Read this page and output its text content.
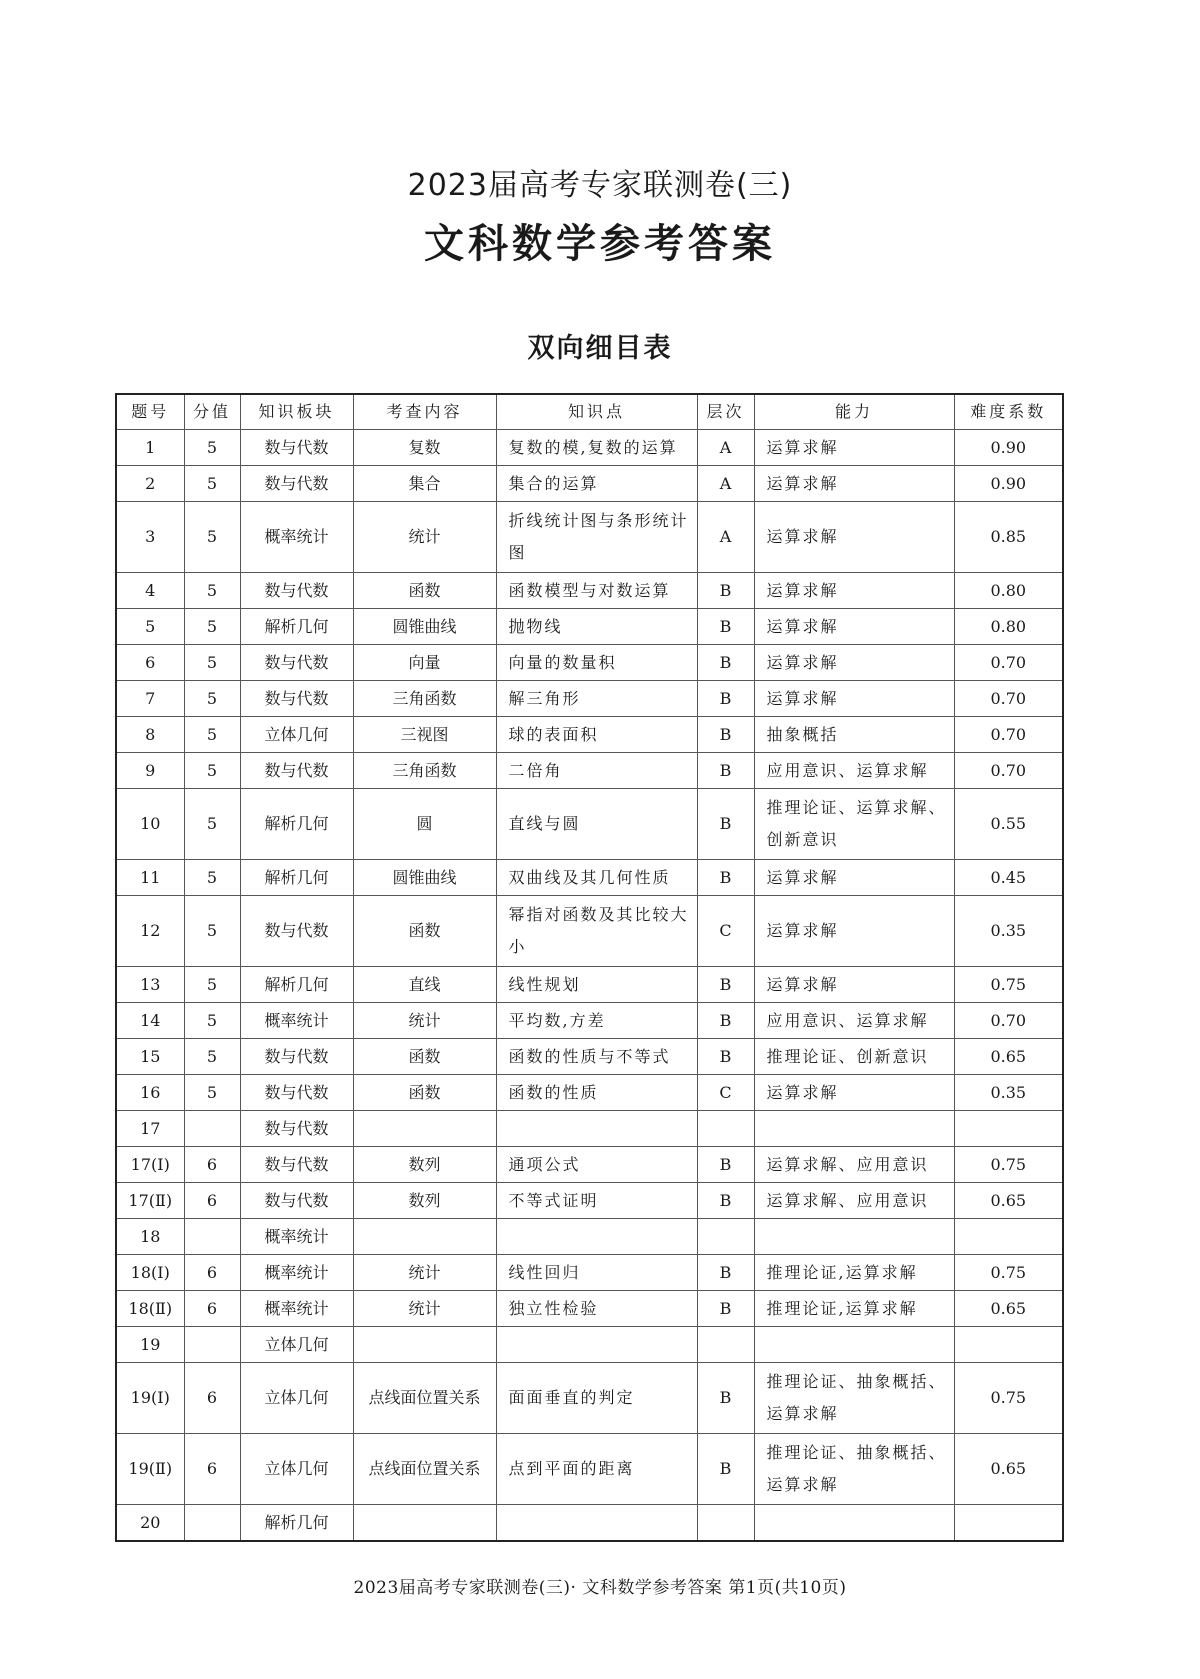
2023届高考专家联测卷(三)
文科数学参考答案
双向细目表
题号	分值	知识板块	考查内容	知识点	层次	能力	难度系数
1	5	数与代数	复数	复数的模,复数的运算	A	运算求解	0.90
2	5	数与代数	集合	集合的运算	A	运算求解	0.90
3	5	概率统计	统计	折线统计图与条形统计图	A	运算求解	0.85
4	5	数与代数	函数	函数模型与对数运算	B	运算求解	0.80
5	5	解析几何	圆锥曲线	抛物线	B	运算求解	0.80
6	5	数与代数	向量	向量的数量积	B	运算求解	0.70
7	5	数与代数	三角函数	解三角形	B	运算求解	0.70
8	5	立体几何	三视图	球的表面积	B	抽象概括	0.70
9	5	数与代数	三角函数	二倍角	B	应用意识、运算求解	0.70
10	5	解析几何	圆	直线与圆	B	推理论证、运算求解、创新意识	0.55
11	5	解析几何	圆锥曲线	双曲线及其几何性质	B	运算求解	0.45
12	5	数与代数	函数	幂指对函数及其比较大小	C	运算求解	0.35
13	5	解析几何	直线	线性规划	B	运算求解	0.75
14	5	概率统计	统计	平均数,方差	B	应用意识、运算求解	0.70
15	5	数与代数	函数	函数的性质与不等式	B	推理论证、创新意识	0.65
16	5	数与代数	函数	函数的性质	C	运算求解	0.35
17		数与代数					
17(Ⅰ)	6	数与代数	数列	通项公式	B	运算求解、应用意识	0.75
17(Ⅱ)	6	数与代数	数列	不等式证明	B	运算求解、应用意识	0.65
18		概率统计					
18(Ⅰ)	6	概率统计	统计	线性回归	B	推理论证,运算求解	0.75
18(Ⅱ)	6	概率统计	统计	独立性检验	B	推理论证,运算求解	0.65
19		立体几何					
19(Ⅰ)	6	立体几何	点线面位置关系	面面垂直的判定	B	推理论证、抽象概括、运算求解	0.75
19(Ⅱ)	6	立体几何	点线面位置关系	点到平面的距离	B	推理论证、抽象概括、运算求解	0.65
20		解析几何					
2023届高考专家联测卷(三)· 文科数学参考答案 第1页(共10页)
